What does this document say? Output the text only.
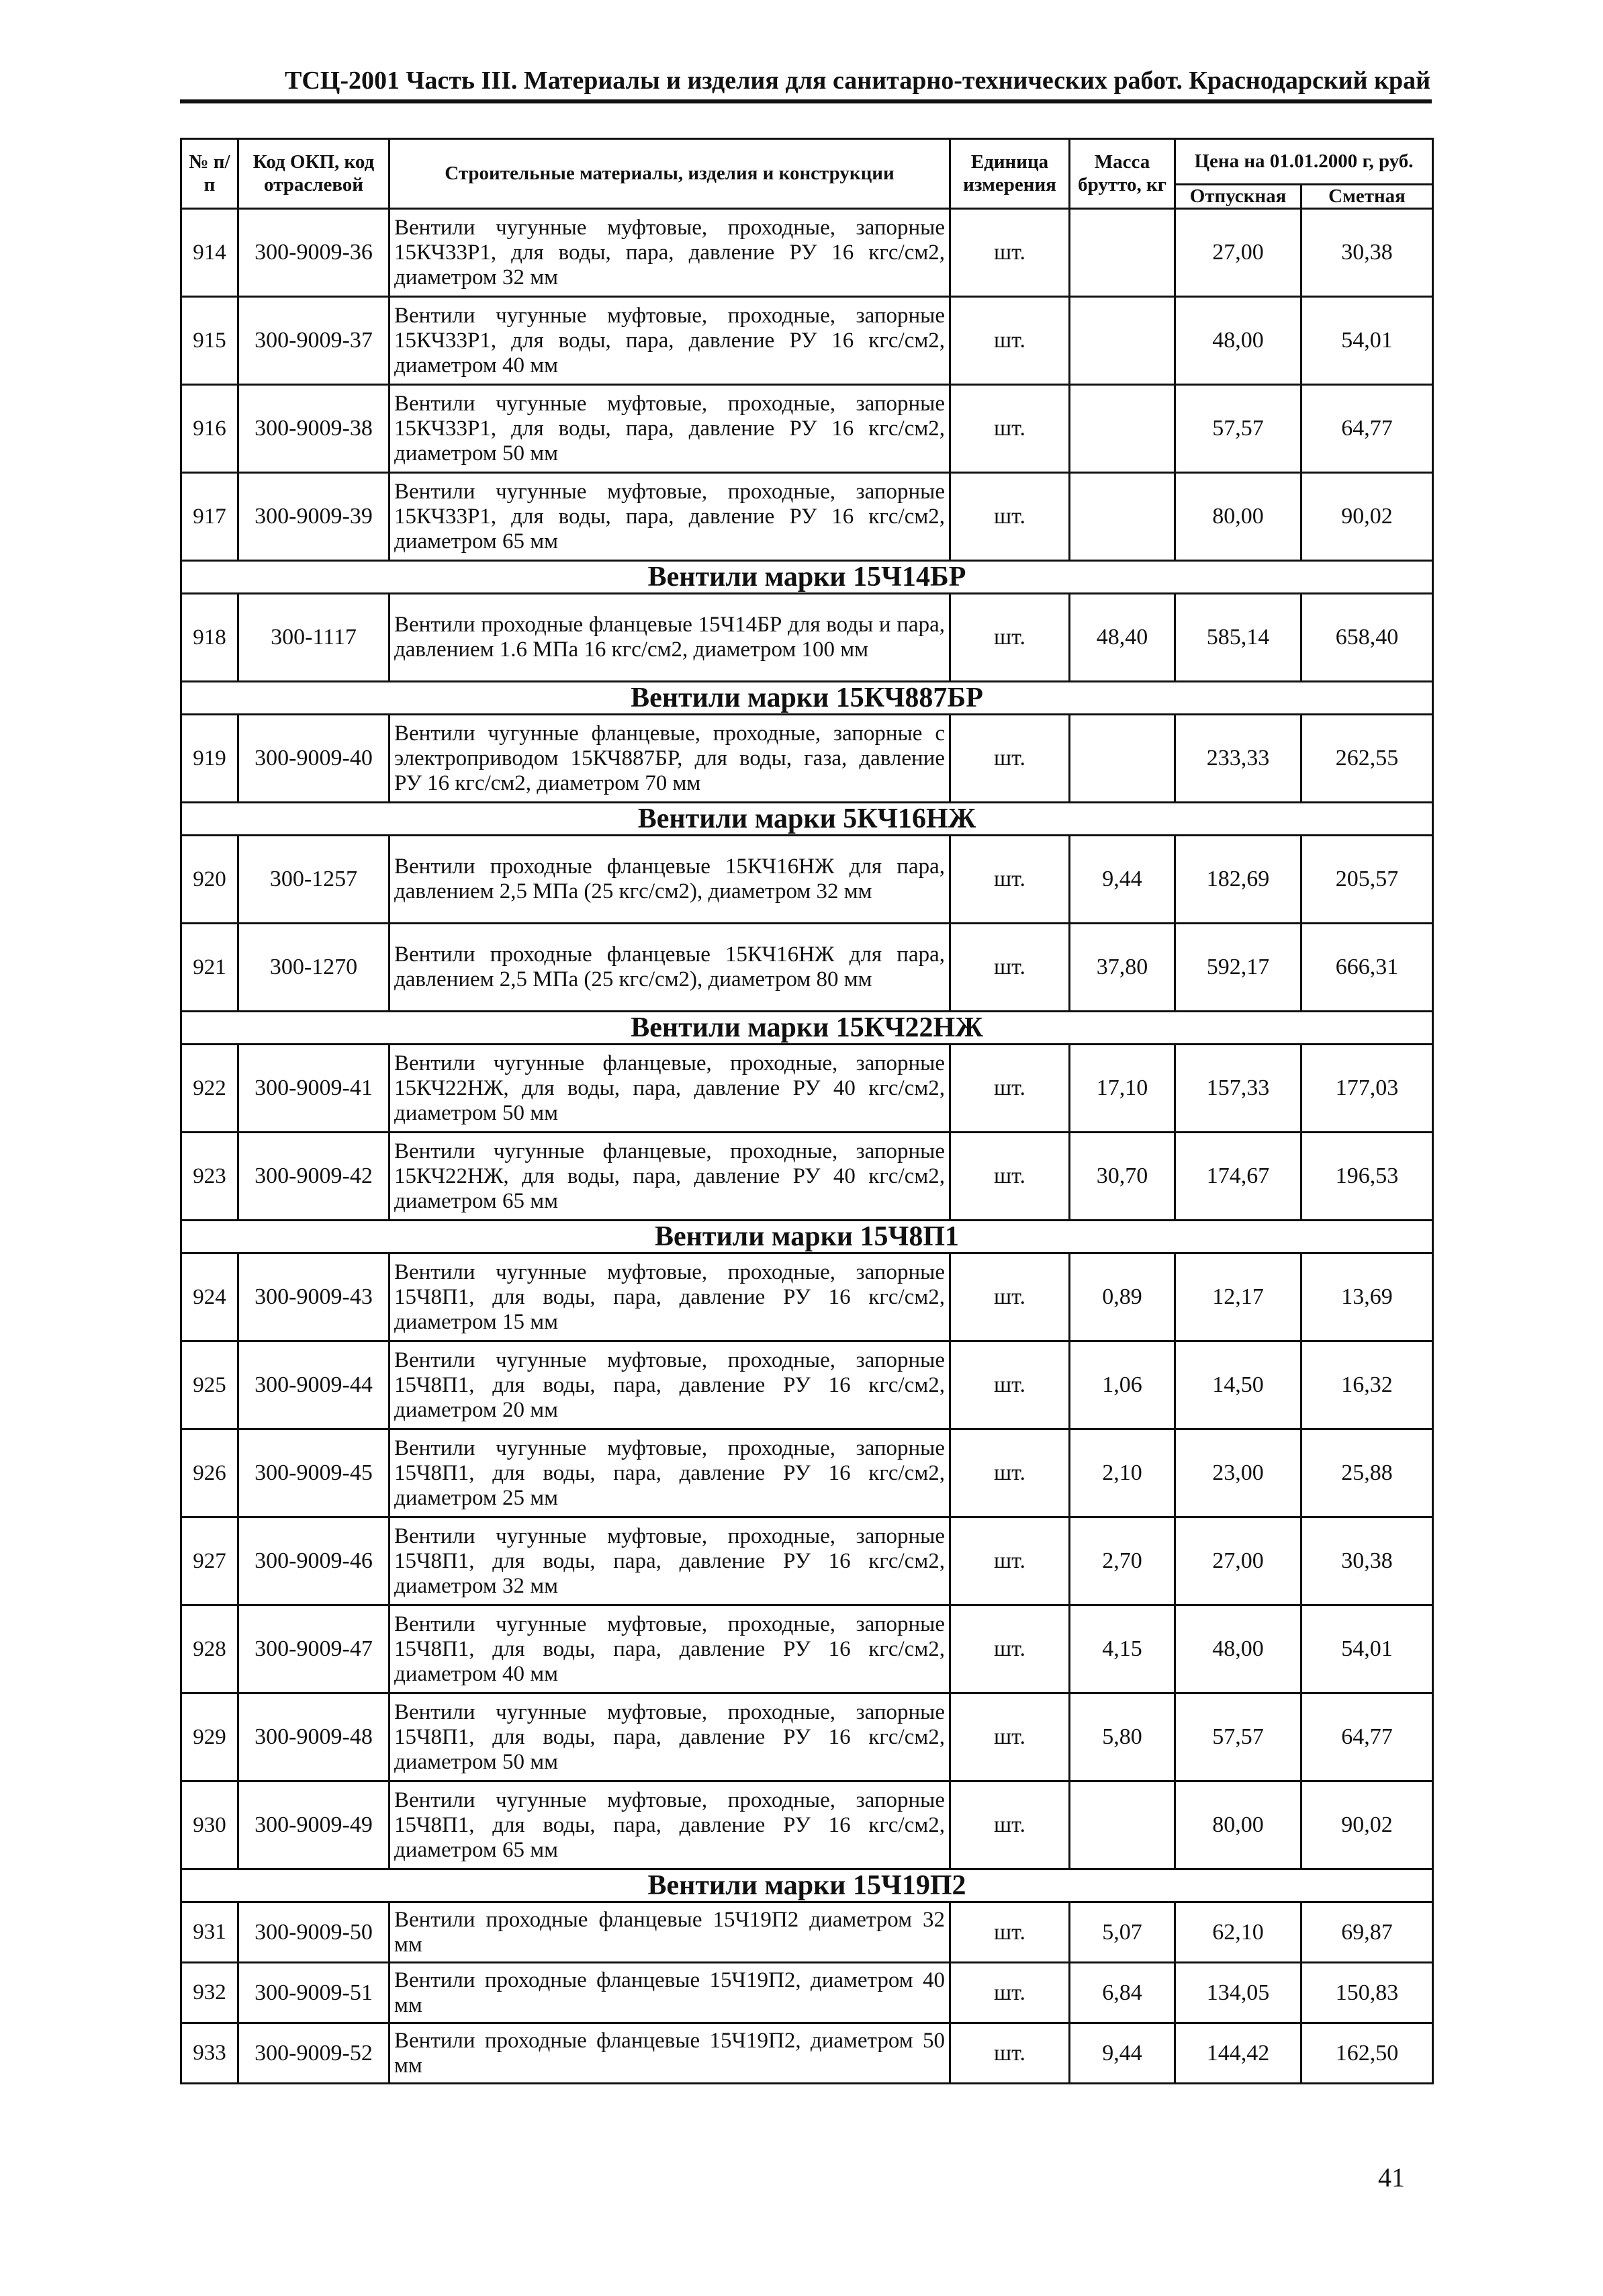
ТСЦ-2001 Часть III. Материалы и изделия для санитарно-технических работ. Краснодарский край
№ п/п	Код ОКП, код отраслевой	Строительные материалы, изделия и конструкции	Единица измерения	Масса брутто, кг	Цена на 01.01.2000 г, руб.	
					Отпускная	Сметная
914	300-9009-36	Вентили чугунные муфтовые, проходные, запорные 15КЧ33Р1, для воды, пара, давление РУ 16 кгс/см2, диаметром 32 мм	шт.		27,00	30,38
915	300-9009-37	Вентили чугунные муфтовые, проходные, запорные 15КЧ33Р1, для воды, пара, давление РУ 16 кгс/см2, диаметром 40 мм	шт.		48,00	54,01
916	300-9009-38	Вентили чугунные муфтовые, проходные, запорные 15КЧ33Р1, для воды, пара, давление РУ 16 кгс/см2, диаметром 50 мм	шт.		57,57	64,77
917	300-9009-39	Вентили чугунные муфтовые, проходные, запорные 15КЧ33Р1, для воды, пара, давление РУ 16 кгс/см2, диаметром 65 мм	шт.		80,00	90,02
Вентили марки 15Ч14БР						
918	300-1117	Вентили проходные фланцевые 15Ч14БР для воды и пара, давлением 1.6 МПа 16 кгс/см2, диаметром 100 мм	шт.	48,40	585,14	658,40
Вентили марки 15КЧ887БР						
919	300-9009-40	Вентили чугунные фланцевые, проходные, запорные с электроприводом 15КЧ887БР, для воды, газа, давление РУ 16 кгс/см2, диаметром 70 мм	шт.		233,33	262,55
Вентили марки 5КЧ16НЖ						
920	300-1257	Вентили проходные фланцевые 15КЧ16НЖ для пара, давлением 2,5 МПа (25 кгс/см2), диаметром 32 мм	шт.	9,44	182,69	205,57
921	300-1270	Вентили проходные фланцевые 15КЧ16НЖ для пара, давлением 2,5 МПа (25 кгс/см2), диаметром 80 мм	шт.	37,80	592,17	666,31
Вентили марки 15КЧ22НЖ						
922	300-9009-41	Вентили чугунные фланцевые, проходные, запорные 15КЧ22НЖ, для воды, пара, давление РУ 40 кгс/см2, диаметром 50 мм	шт.	17,10	157,33	177,03
923	300-9009-42	Вентили чугунные фланцевые, проходные, запорные 15КЧ22НЖ, для воды, пара, давление РУ 40 кгс/см2, диаметром 65 мм	шт.	30,70	174,67	196,53
Вентили марки 15Ч8П1						
924	300-9009-43	Вентили чугунные муфтовые, проходные, запорные 15Ч8П1, для воды, пара, давление РУ 16 кгс/см2, диаметром 15 мм	шт.	0,89	12,17	13,69
925	300-9009-44	Вентили чугунные муфтовые, проходные, запорные 15Ч8П1, для воды, пара, давление РУ 16 кгс/см2, диаметром 20 мм	шт.	1,06	14,50	16,32
926	300-9009-45	Вентили чугунные муфтовые, проходные, запорные 15Ч8П1, для воды, пара, давление РУ 16 кгс/см2, диаметром 25 мм	шт.	2,10	23,00	25,88
927	300-9009-46	Вентили чугунные муфтовые, проходные, запорные 15Ч8П1, для воды, пара, давление РУ 16 кгс/см2, диаметром 32 мм	шт.	2,70	27,00	30,38
928	300-9009-47	Вентили чугунные муфтовые, проходные, запорные 15Ч8П1, для воды, пара, давление РУ 16 кгс/см2, диаметром 40 мм	шт.	4,15	48,00	54,01
929	300-9009-48	Вентили чугунные муфтовые, проходные, запорные 15Ч8П1, для воды, пара, давление РУ 16 кгс/см2, диаметром 50 мм	шт.	5,80	57,57	64,77
930	300-9009-49	Вентили чугунные муфтовые, проходные, запорные 15Ч8П1, для воды, пара, давление РУ 16 кгс/см2, диаметром 65 мм	шт.		80,00	90,02
Вентили марки 15Ч19П2						
931	300-9009-50	Вентили проходные фланцевые 15Ч19П2 диаметром 32 мм	шт.	5,07	62,10	69,87
932	300-9009-51	Вентили проходные фланцевые 15Ч19П2, диаметром 40 мм	шт.	6,84	134,05	150,83
933	300-9009-52	Вентили проходные фланцевые 15Ч19П2, диаметром 50 мм	шт.	9,44	144,42	162,50
41
